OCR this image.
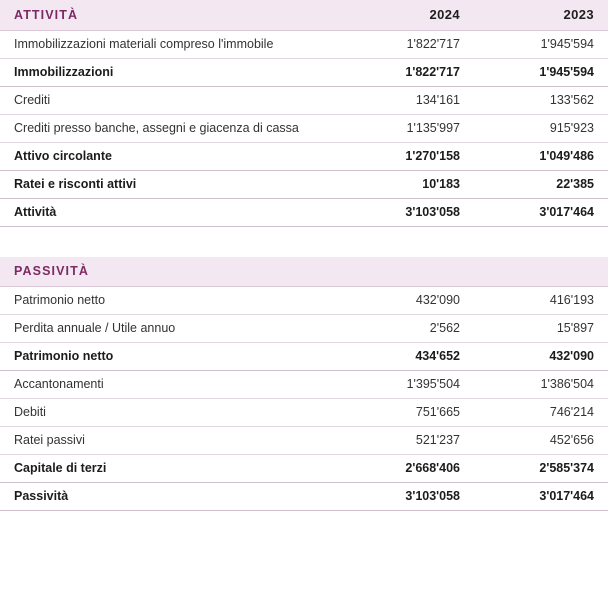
ATTIVITÀ	2024	2023
Immobilizzazioni materiali compreso l'immobile	1'822'717	1'945'594
Immobilizzazioni	1'822'717	1'945'594
Crediti	134'161	133'562
Crediti presso banche, assegni e giacenza di cassa	1'135'997	915'923
Attivo circolante	1'270'158	1'049'486
Ratei e risconti attivi	10'183	22'385
Attività	3'103'058	3'017'464
PASSIVITÀ		
Patrimonio netto	432'090	416'193
Perdita annuale / Utile annuo	2'562	15'897
Patrimonio netto	434'652	432'090
Accantonamenti	1'395'504	1'386'504
Debiti	751'665	746'214
Ratei passivi	521'237	452'656
Capitale di terzi	2'668'406	2'585'374
Passività	3'103'058	3'017'464
